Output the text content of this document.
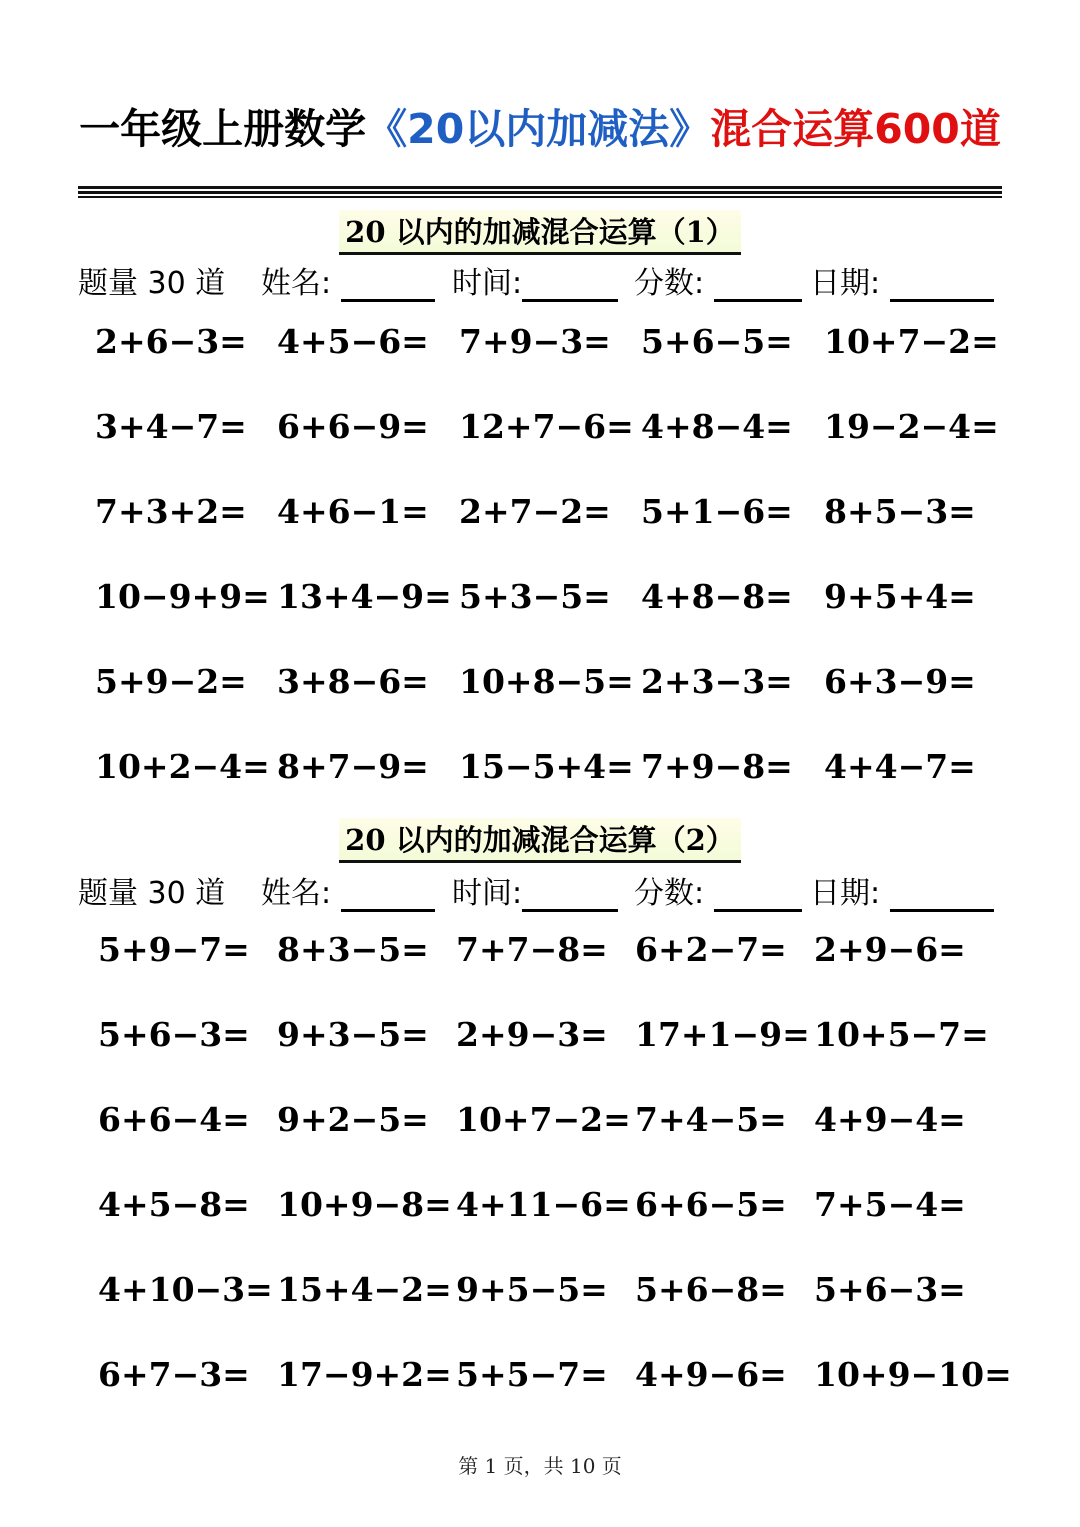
一年级上册数学《20以内加减法》混合运算600道
20 以内的加减混合运算（1）
题量 30 道 姓名:	时间:	分数:	日期:
2+6−3= 4+5−6= 7+9−3= 5+6−5= 10+7−2=
3+4−7= 6+6−9= 12+7−6= 4+8−4= 19−2−4=
7+3+2= 4+6−1= 2+7−2= 5+1−6= 8+5−3=
10−9+9= 13+4−9= 5+3−5= 4+8−8= 9+5+4=
5+9−2= 3+8−6= 10+8−5= 2+3−3= 6+3−9=
10+2−4= 8+7−9= 15−5+4= 7+9−8= 4+4−7=
20 以内的加减混合运算（2）
题量 30 道 姓名:	时间:	分数:	日期:
5+9−7= 8+3−5= 7+7−8= 6+2−7= 2+9−6=
5+6−3= 9+3−5= 2+9−3= 17+1−9= 10+5−7=
6+6−4= 9+2−5= 10+7−2= 7+4−5= 4+9−4=
4+5−8= 10+9−8= 4+11−6= 6+6−5= 7+5−4=
4+10−3= 15+4−2= 9+5−5= 5+6−8= 5+6−3=
6+7−3= 17−9+2= 5+5−7= 4+9−6= 10+9−10=
第 1 页，共 10 页
